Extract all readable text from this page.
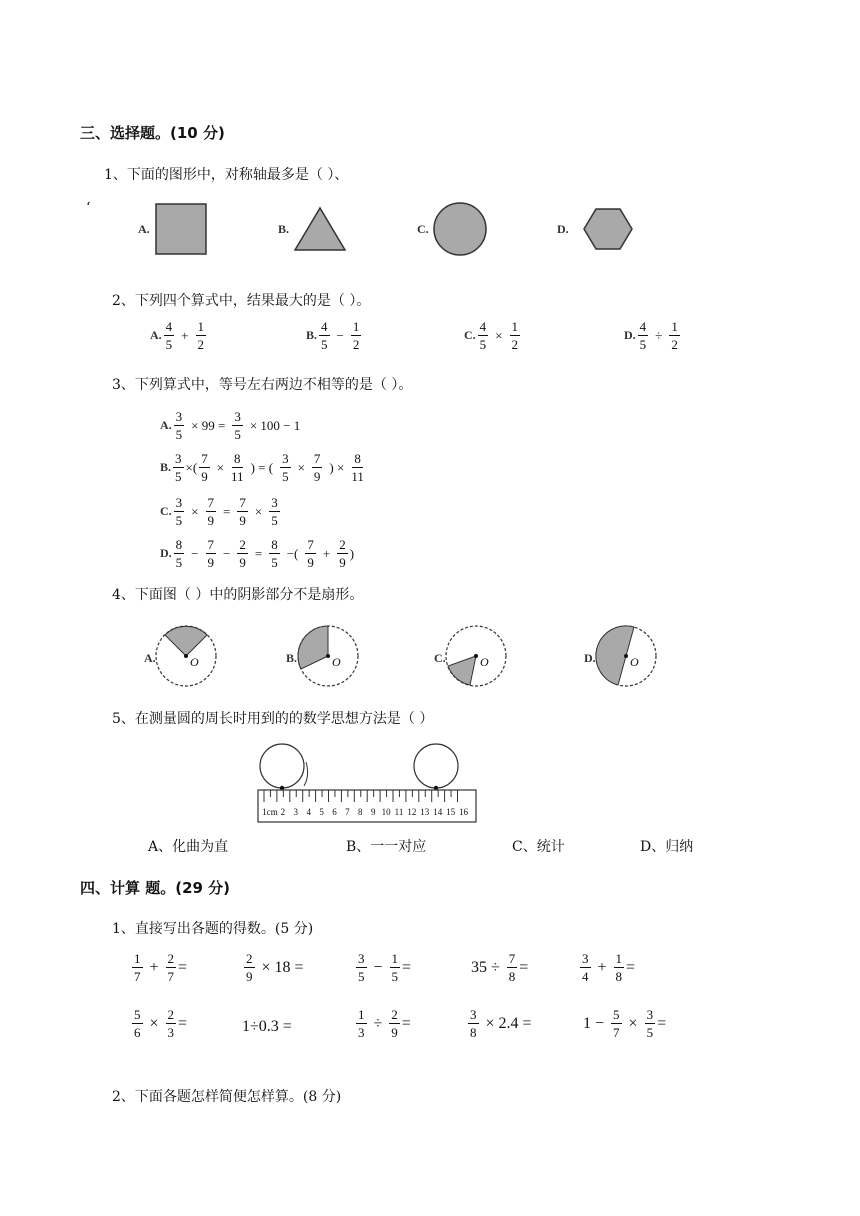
三、选择题。(10 分)
1、下面的图形中，对称轴最多是（ ）、
‘
A.	B.	C.	D.
2、下列四个算式中，结果最大的是（ ）。
A. $\frac{4}{5} + \frac{1}{2}$	B. $\frac{4}{5} - \frac{1}{2}$	C. $\frac{4}{5} \times \frac{1}{2}$	D. $\frac{4}{5} \div \frac{1}{2}$
3、下列算式中，等号左右两边不相等的是（ ）。
A. $\frac{3}{5} \times 99 = \frac{3}{5} \times 100 - 1$
B. $\frac{3}{5}$ ×( $\frac{7}{9} \times \frac{8}{11}$ ) = ( $\frac{3}{5} \times \frac{7}{9}$ ) × $\frac{8}{11}$
C. $\frac{3}{5} \times \frac{7}{9} = \frac{7}{9} \times \frac{3}{5}$
D. $\frac{8}{5} - \frac{7}{9} - \frac{2}{9} = \frac{8}{5}$ −( $\frac{7}{9} + \frac{2}{9}$ )
4、下面图（ ）中的阴影部分不是扇形。
A.	O	B.	O	C.	O	D.	O
5、在测量圆的周长时用到的的数学思想方法是（ ）
1cm 2 3 4 5 6 7 8 9 10 11 12 13 14 15 16
A、化曲为直	B、一一对应	C、统计	D、归纳
四、计算 题。(29 分)
1、直接写出各题的得数。(5 分)
$\frac{1}{7} + \frac{2}{7}$ =	$\frac{2}{9} \times 18$ =	$\frac{3}{5} - \frac{1}{5}$ =	$35 \div \frac{7}{8}$ =	$\frac{3}{4} + \frac{1}{8}$ =
$\frac{5}{6} \times \frac{2}{3}$ =	1÷0.3 =	$\frac{1}{3} \div \frac{2}{9}$ =	$\frac{3}{8} \times 2.4$ =	$1 - \frac{5}{7} \times \frac{3}{5}$ =
2、下面各题怎样简便怎样算。(8 分)
